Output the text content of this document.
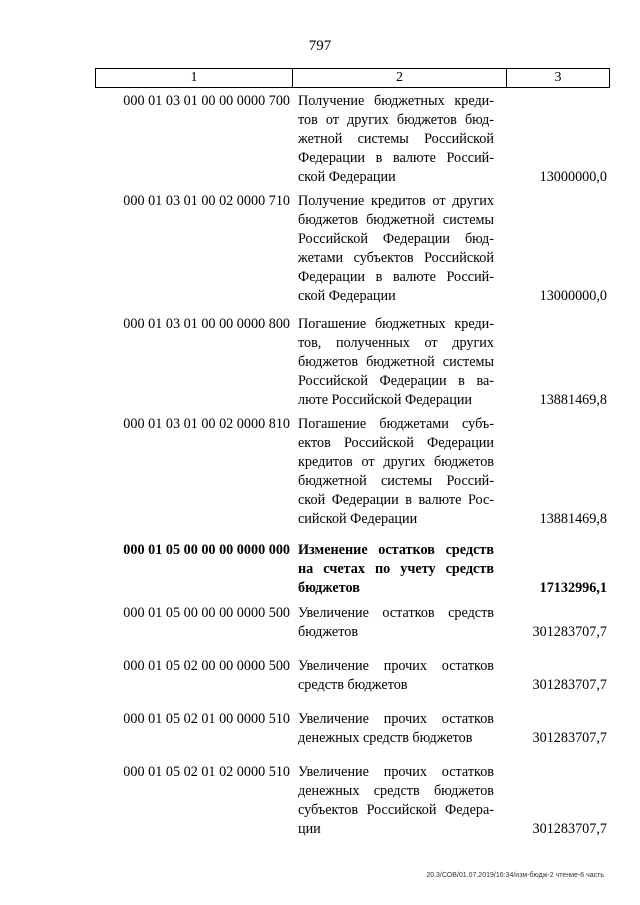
797
1	2	3
000 01 03 01 00 00 0000 700 Получение бюджетных креди-
тов от других бюджетов бюд-
жетной системы Российской
Федерации в валюте Россий-
ской Федерации	13000000,0
000 01 03 01 00 02 0000 710 Получение кредитов от других
бюджетов бюджетной системы
Российской Федерации бюд-
жетами субъектов Российской
Федерации в валюте Россий-
ской Федерации	13000000,0
000 01 03 01 00 00 0000 800 Погашение бюджетных креди-
тов, полученных от других
бюджетов бюджетной системы
Российской Федерации в ва-
люте Российской Федерации	13881469,8
000 01 03 01 00 02 0000 810 Погашение бюджетами субъ-
ектов Российской Федерации
кредитов от других бюджетов
бюджетной системы Россий-
ской Федерации в валюте Рос-
сийской Федерации	13881469,8
000 01 05 00 00 00 0000 000 Изменение остатков средств
на счетах по учету средств
бюджетов	17132996,1
000 01 05 00 00 00 0000 500 Увеличение остатков средств
бюджетов	301283707,7
000 01 05 02 00 00 0000 500 Увеличение прочих остатков
средств бюджетов	301283707,7
000 01 05 02 01 00 0000 510 Увеличение прочих остатков
денежных средств бюджетов	301283707,7
000 01 05 02 01 02 0000 510 Увеличение прочих остатков
денежных средств бюджетов
субъектов Российской Федера-
ции	301283707,7
20.3/СОВ/01.07.2019/16:34/изм-бюдж-2 чтение-6 часть
